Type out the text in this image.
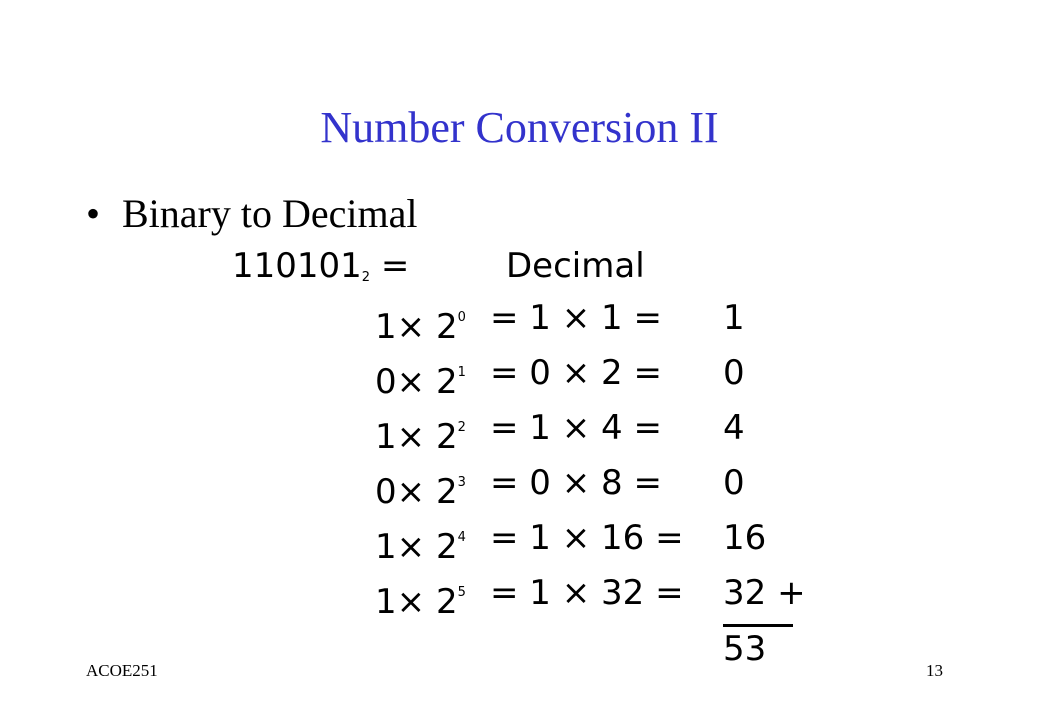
Number Conversion II
• Binary to Decimal
$110101_2$ =	Decimal
$1\times 2^0 = 1 \times 1 = 1$
$0\times 2^1 = 0 \times 2 = 0$
$1\times 2^2 = 1 \times 4 = 4$
$0\times 2^3 = 0 \times 8 = 0$
$1\times 2^4 = 1 \times 16 = 16$
$1\times 2^5 = 1 \times 32 = 32$ +
53
ACOE251	13
